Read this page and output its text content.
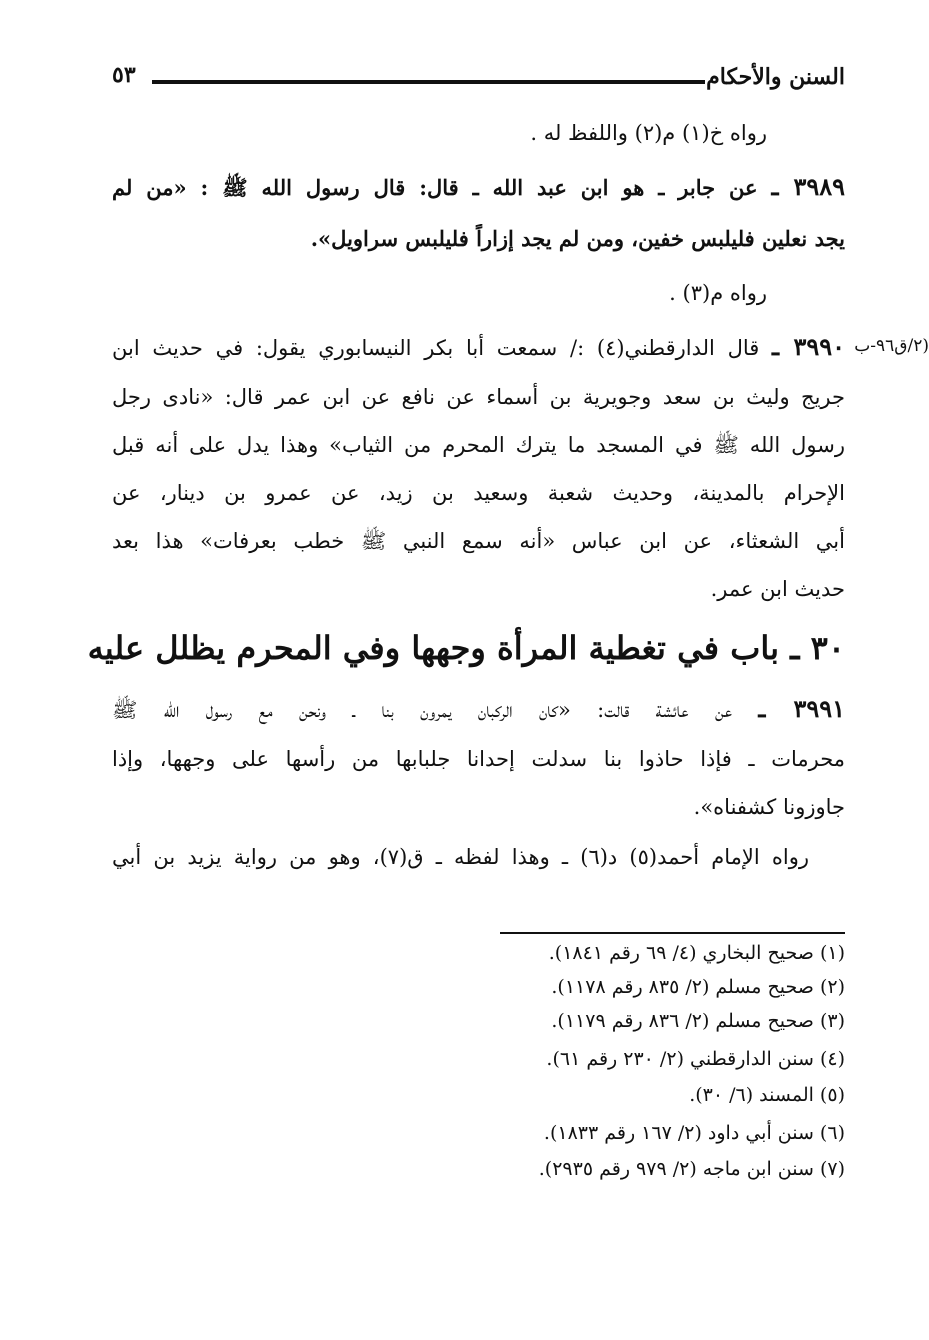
السنن والأحكام
٥٣
رواه خ(١) م(٢) واللفظ له .
٣٩٨٩ ـ عن جابر ـ هو ابن عبد الله ـ قال: قال رسول الله ﷺ : «من لم
يجد نعلين فليلبس خفين، ومن لم يجد إزاراً فليلبس سراويل».
رواه م(٣) .
٣٩٩٠ ـ قال الدارقطني(٤) :/ سمعت أبا بكر النيسابوري يقول: في حديث ابن
جريج وليث بن سعد وجويرية بن أسماء عن نافع عن ابن عمر قال: «نادى رجل
رسول الله ﷺ في المسجد ما يترك المحرم من الثياب» وهذا يدل على أنه قبل
الإحرام بالمدينة، وحديث شعبة وسعيد بن زيد، عن عمرو بن دينار، عن
أبي الشعثاء، عن ابن عباس «أنه سمع النبي ﷺ خطب بعرفات» هذا بعد
حديث ابن عمر.
٣٩٩١ ـ عن عائشة قالت: «كان الركبان يمرون بنا ـ ونحن مع رسول الله ﷺ
محرمات ـ فإذا حاذوا بنا سدلت إحدانا جلبابها من رأسها على وجهها، وإذا
جاوزونا كشفناه».
رواه الإمام أحمد(٥) د(٦) ـ وهذا لفظه ـ ق(٧)، وهو من رواية يزيد بن أبي
٣٠ ـ باب في تغطية المرأة وجهها وفي المحرم يظلل عليه
(٢/ق٩٦-ب
(١) صحيح البخاري (٤/ ٦٩ رقم ١٨٤١).
(٢) صحيح مسلم (٢/ ٨٣٥ رقم ١١٧٨).
(٣) صحيح مسلم (٢/ ٨٣٦ رقم ١١٧٩).
(٤) سنن الدارقطني (٢/ ٢٣٠ رقم ٦١).
(٥) المسند (٦/ ٣٠).
(٦) سنن أبي داود (٢/ ١٦٧ رقم ١٨٣٣).
(٧) سنن ابن ماجه (٢/ ٩٧٩ رقم ٢٩٣٥).
